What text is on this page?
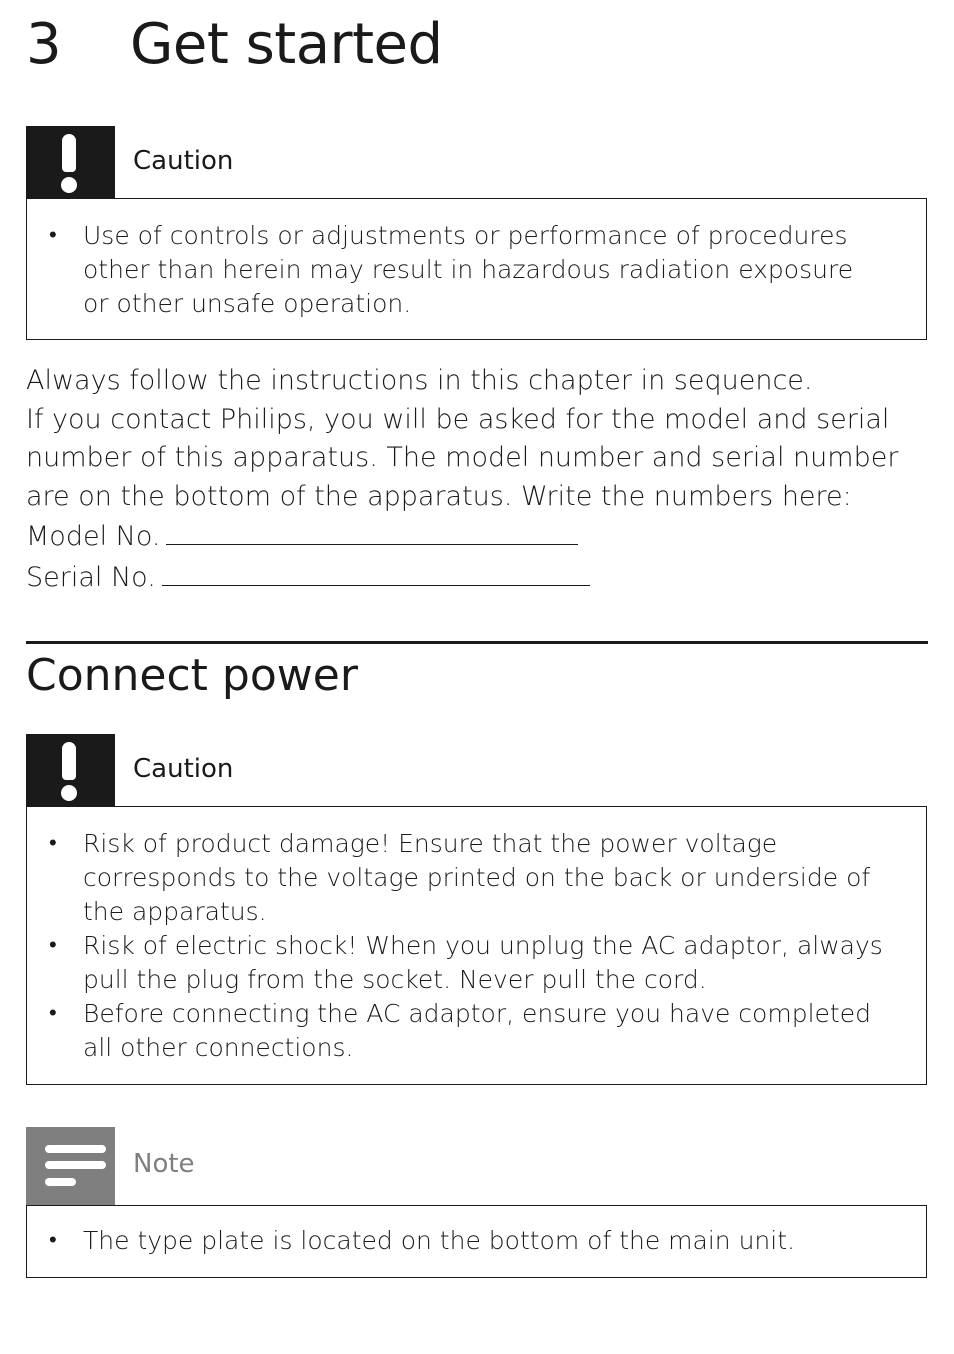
3 Get started
Caution
• Use of controls or adjustments or performance of procedures other than herein may result in hazardous radiation exposure or other unsafe operation.

Always follow the instructions in this chapter in sequence.

If you contact Philips, you will be asked for the model and serial number of this apparatus. The model number and serial number are on the bottom of the apparatus. Write the numbers here:

Model No.

Serial No.

Connect power
Caution
• Risk of product damage! Ensure that the power voltage corresponds to the voltage printed on the back or underside of the apparatus.
• Risk of electric shock! When you unplug the AC adaptor, always pull the plug from the socket. Never pull the cord.
• Before connecting the AC adaptor, ensure you have completed all other connections.
Note
• The type plate is located on the bottom of the main unit.
